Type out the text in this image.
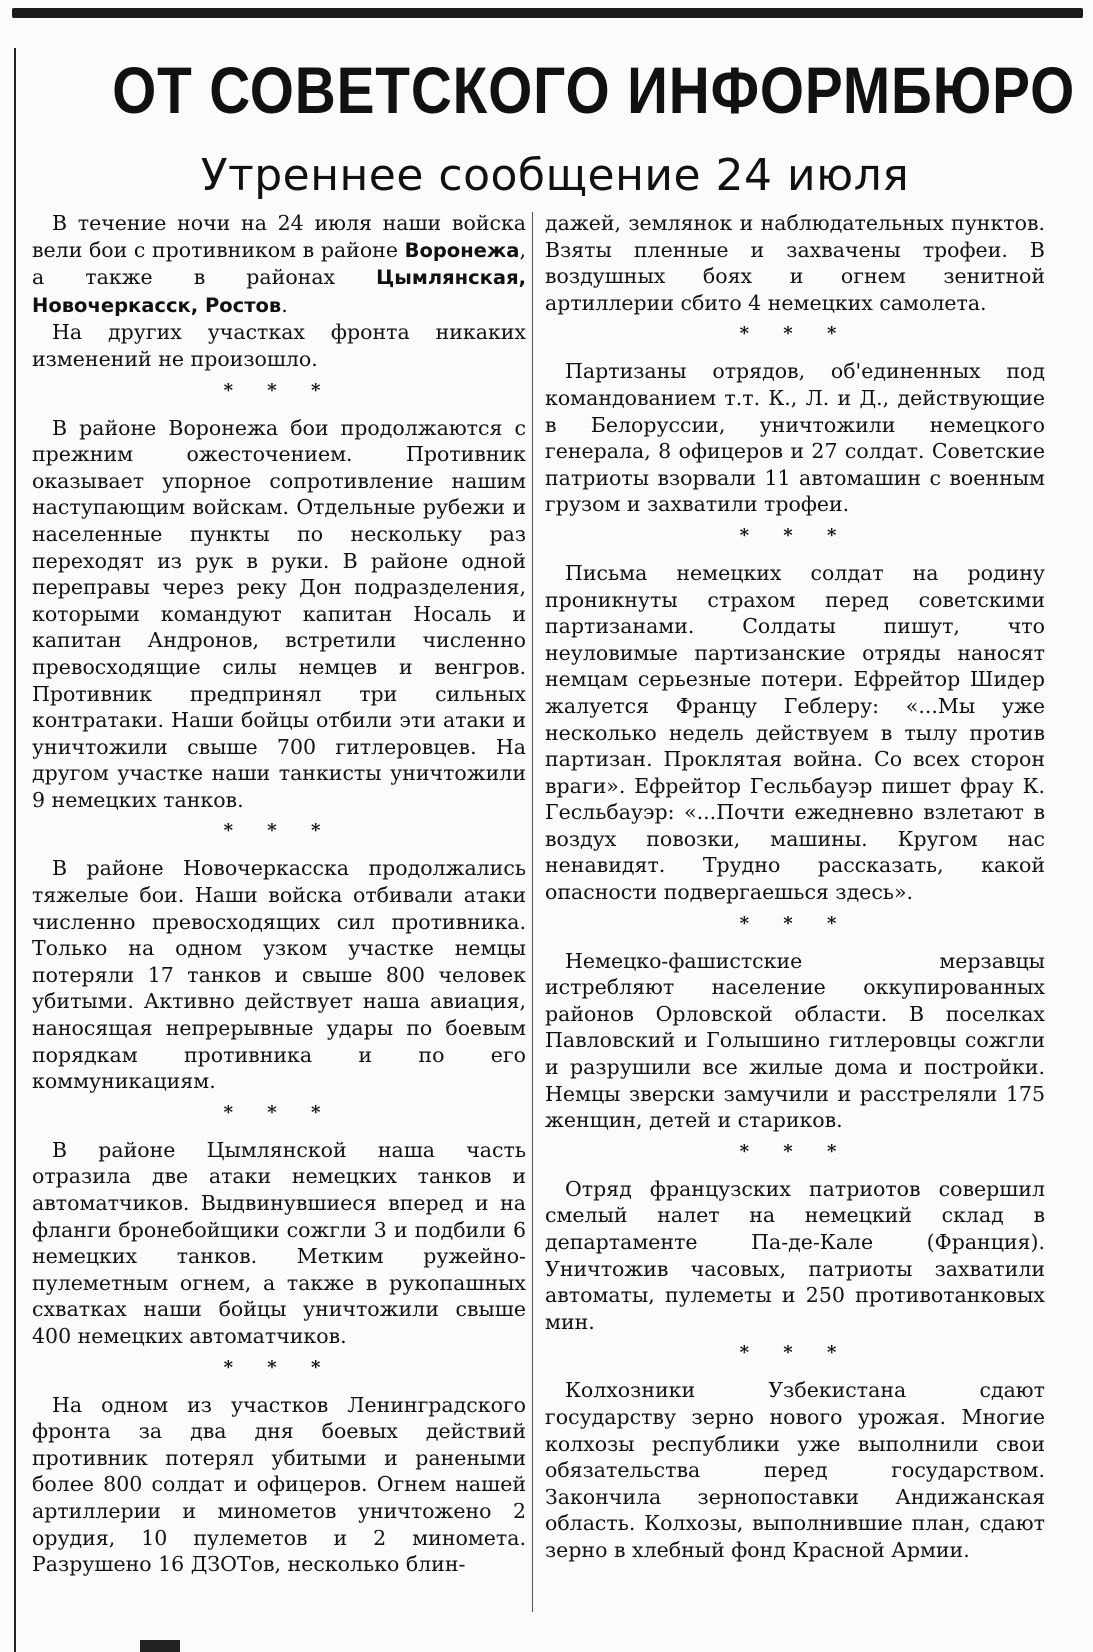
ОТ СОВЕТСКОГО ИНФОРМБЮРО
Утреннее сообщение 24 июля

В течение ночи на 24 июля наши войска вели бои с противником в районе Воронежа, а также в районах Цымлянская, Новочеркасск, Ростов.

На других участках фронта никаких изменений не произошло.

* * *

В районе Воронежа бои продолжаются с прежним ожесточением. Противник оказывает упорное сопротивление нашим наступающим войскам. Отдельные рубежи и населенные пункты по нескольку раз переходят из рук в руки. В районе одной переправы через реку Дон подразделения, которыми командуют капитан Носаль и капитан Андронов, встретили численно превосходящие силы немцев и венгров. Противник предпринял три сильных контратаки. Наши бойцы отбили эти атаки и уничтожили свыше 700 гитлеровцев. На другом участке наши танкисты уничтожили 9 немецких танков.

* * *

В районе Новочеркасска продолжались тяжелые бои. Наши войска отбивали атаки численно превосходящих сил противника. Только на одном узком участке немцы потеряли 17 танков и свыше 800 человек убитыми. Активно действует наша авиация, наносящая непрерывные удары по боевым порядкам противника и по его коммуникациям.

* * *

В районе Цымлянской наша часть отразила две атаки немецких танков и автоматчиков. Выдвинувшиеся вперед и на фланги бронебойщики сожгли 3 и подбили 6 немецких танков. Метким ружейно-пулеметным огнем, а также в рукопашных схватках наши бойцы уничтожили свыше 400 немецких автоматчиков.

* * *

На одном из участков Ленинградского фронта за два дня боевых действий противник потерял убитыми и ранеными более 800 солдат и офицеров. Огнем нашей артиллерии и минометов уничтожено 2 орудия, 10 пулеметов и 2 миномета. Разрушено 16 ДЗОТов, несколько блин-

дажей, землянок и наблюдательных пунктов. Взяты пленные и захвачены трофеи. В воздушных боях и огнем зенитной артиллерии сбито 4 немецких самолета.

* * *

Партизаны отрядов, об'единенных под командованием т.т. К., Л. и Д., действующие в Белоруссии, уничтожили немецкого генерала, 8 офицеров и 27 солдат. Советские патриоты взорвали 11 автомашин с военным грузом и захватили трофеи.

* * *

Письма немецких солдат на родину проникнуты страхом перед советскими партизанами. Солдаты пишут, что неуловимые партизанские отряды наносят немцам серьезные потери. Ефрейтор Шидер жалуется Францу Геблеру: «...Мы уже несколько недель действуем в тылу против партизан. Проклятая война. Со всех сторон враги». Ефрейтор Гесльбауэр пишет фрау К. Гесльбауэр: «...Почти ежедневно взлетают в воздух повозки, машины. Кругом нас ненавидят. Трудно рассказать, какой опасности подвергаешься здесь».

* * *

Немецко-фашистские мерзавцы истребляют население оккупированных районов Орловской области. В поселках Павловский и Голышино гитлеровцы сожгли и разрушили все жилые дома и постройки. Немцы зверски замучили и расстреляли 175 женщин, детей и стариков.

* * *

Отряд французских патриотов совершил смелый налет на немецкий склад в департаменте Па-де-Кале (Франция). Уничтожив часовых, патриоты захватили автоматы, пулеметы и 250 противотанковых мин.

* * *

Колхозники Узбекистана сдают государству зерно нового урожая. Многие колхозы республики уже выполнили свои обязательства перед государством. Закончила зернопоставки Андижанская область. Колхозы, выполнившие план, сдают зерно в хлебный фонд Красной Армии.
